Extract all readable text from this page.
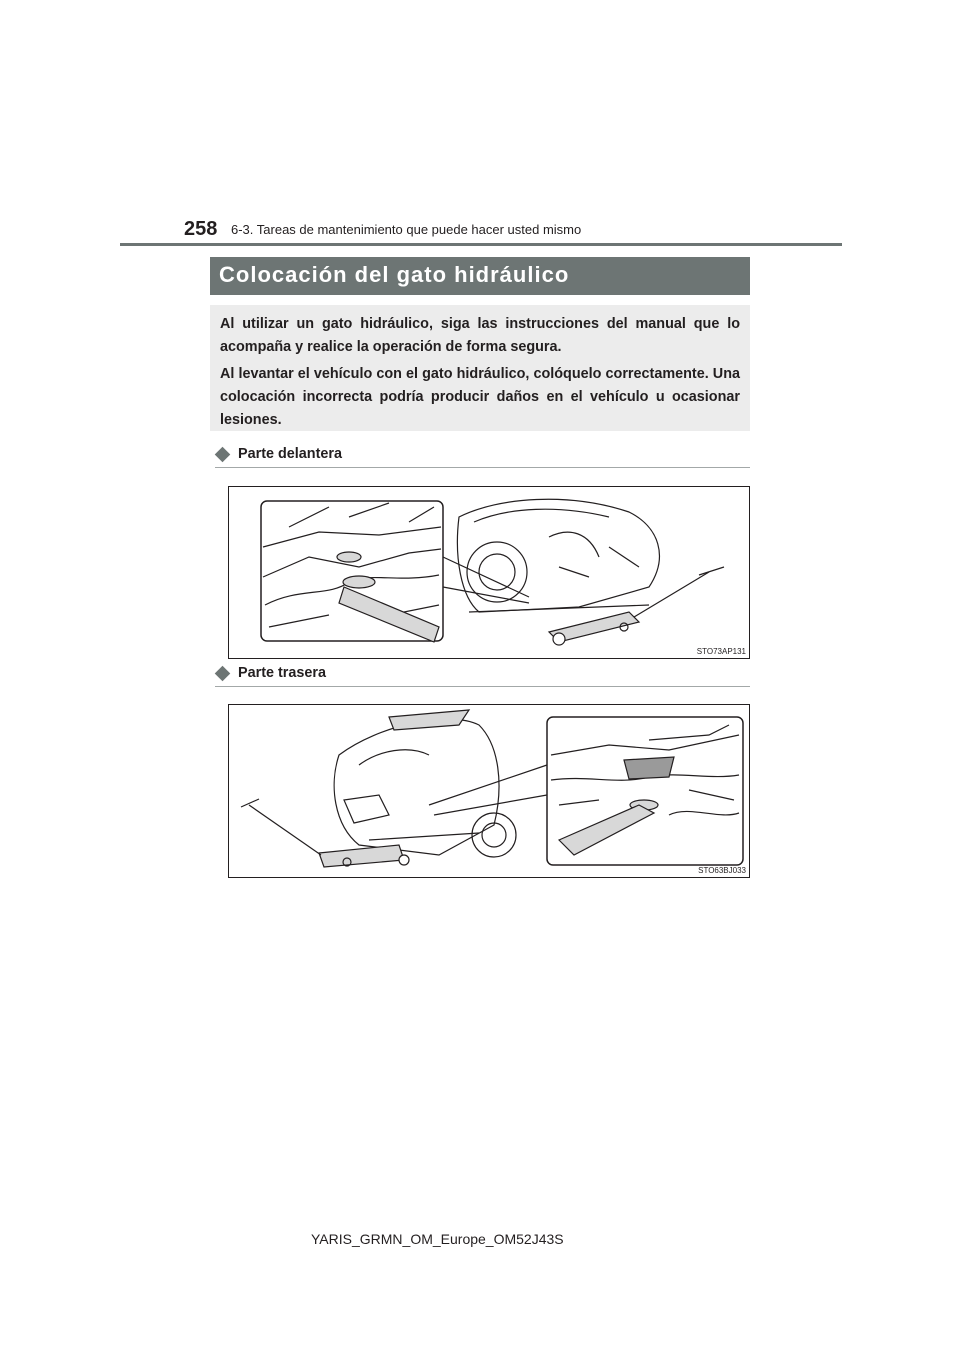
258 6-3. Tareas de mantenimiento que puede hacer usted mismo
Colocación del gato hidráulico

Al utilizar un gato hidráulico, siga las instrucciones del manual que lo acompaña y realice la operación de forma segura.

Al levantar el vehículo con el gato hidráulico, colóquelo correctamente. Una colocación incorrecta podría producir daños en el vehículo u ocasionar lesiones.

Parte delantera
STO73AP131
Parte trasera
STO63BJ033
YARIS_GRMN_OM_Europe_OM52J43S
